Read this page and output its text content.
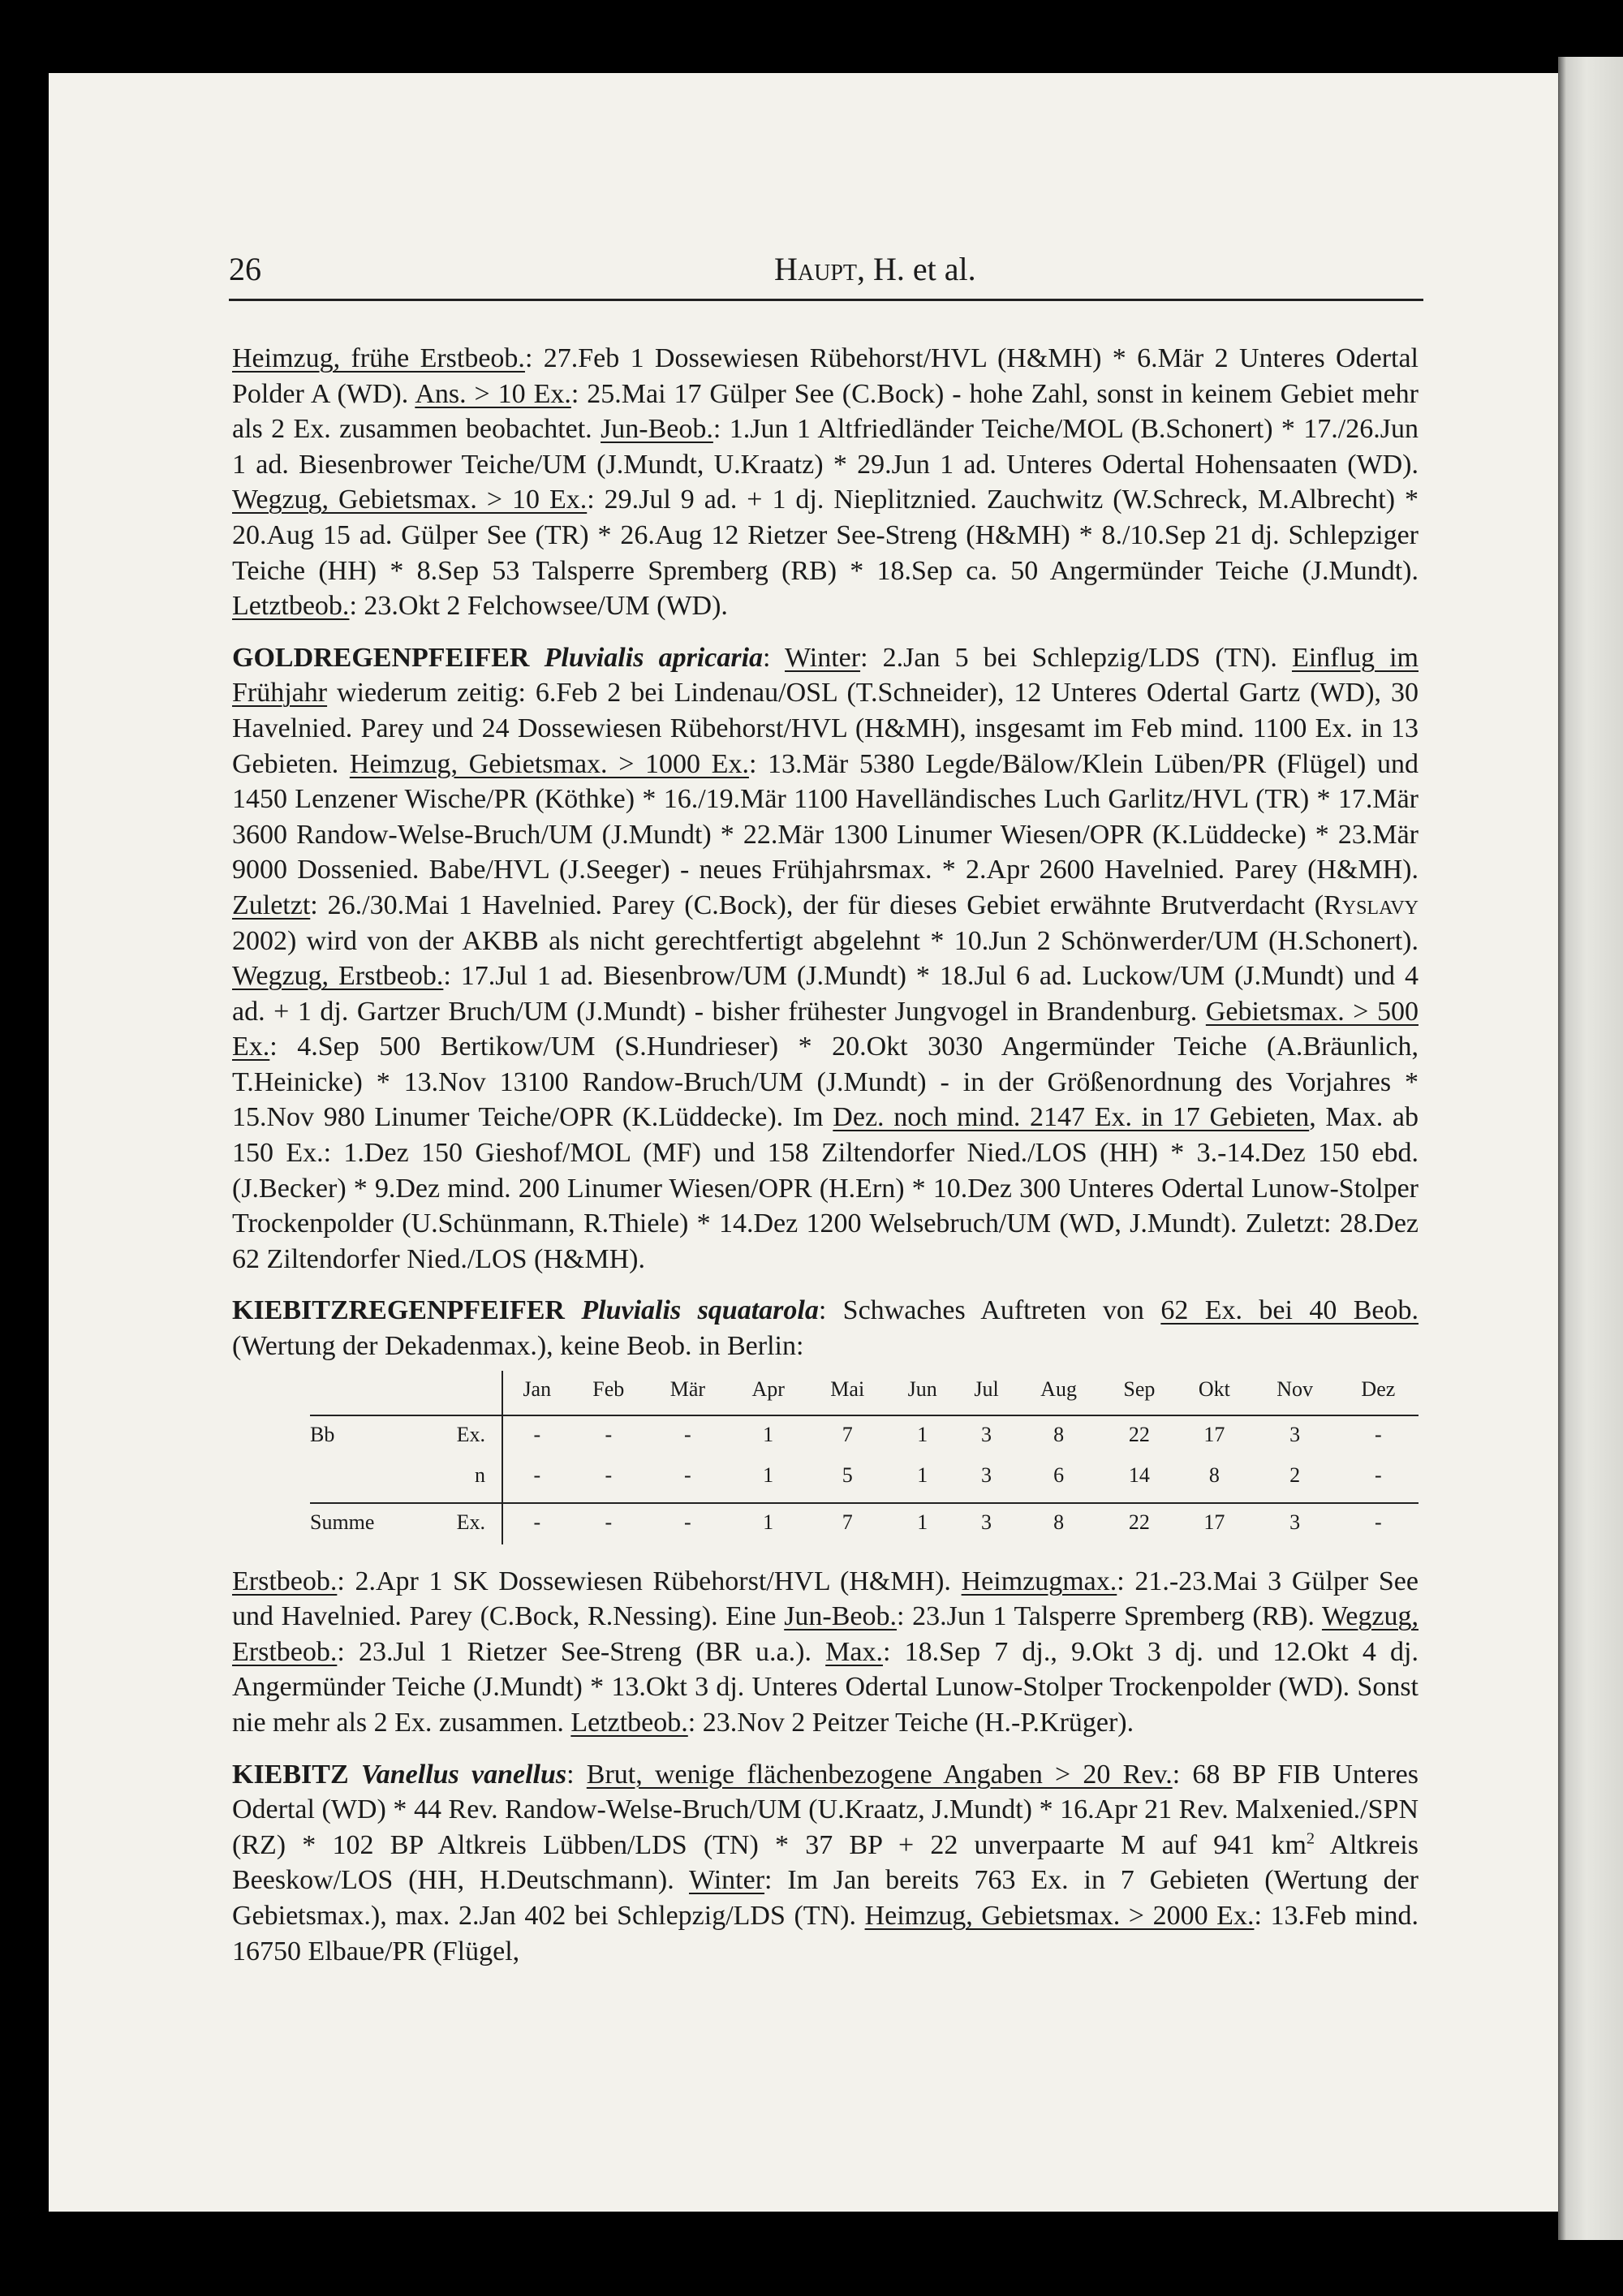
26	Haupt, H. et al.

Heimzug, frühe Erstbeob.: 27.Feb 1 Dossewiesen Rübehorst/HVL (H&MH) * 6.Mär 2 Unteres Odertal Polder A (WD). Ans. > 10 Ex.: 25.Mai 17 Gülper See (C.Bock) - hohe Zahl, sonst in keinem Gebiet mehr als 2 Ex. zusammen beobachtet. Jun-Beob.: 1.Jun 1 Altfriedländer Teiche/MOL (B.Schonert) * 17./26.Jun 1 ad. Biesenbrower Teiche/UM (J.Mundt, U.Kraatz) * 29.Jun 1 ad. Unteres Odertal Hohensaaten (WD). Wegzug, Gebietsmax. > 10 Ex.: 29.Jul 9 ad. + 1 dj. Nieplitznied. Zauchwitz (W.Schreck, M.Albrecht) * 20.Aug 15 ad. Gülper See (TR) * 26.Aug 12 Rietzer See-Streng (H&MH) * 8./10.Sep 21 dj. Schlepziger Teiche (HH) * 8.Sep 53 Talsperre Spremberg (RB) * 18.Sep ca. 50 Angermünder Teiche (J.Mundt). Letztbeob.: 23.Okt 2 Felchowsee/UM (WD).

GOLDREGENPFEIFER Pluvialis apricaria: Winter: 2.Jan 5 bei Schlepzig/LDS (TN). Einflug im Frühjahr wiederum zeitig: 6.Feb 2 bei Lindenau/OSL (T.Schneider), 12 Unteres Odertal Gartz (WD), 30 Havelnied. Parey und 24 Dossewiesen Rübehorst/HVL (H&MH), insgesamt im Feb mind. 1100 Ex. in 13 Gebieten. Heimzug, Gebietsmax. > 1000 Ex.: 13.Mär 5380 Legde/Bälow/Klein Lüben/PR (Flügel) und 1450 Lenzener Wische/PR (Köthke) * 16./19.Mär 1100 Havelländisches Luch Garlitz/HVL (TR) * 17.Mär 3600 Randow-Welse-Bruch/UM (J.Mundt) * 22.Mär 1300 Linumer Wiesen/OPR (K.Lüddecke) * 23.Mär 9000 Dossenied. Babe/HVL (J.Seeger) - neues Frühjahrsmax. * 2.Apr 2600 Havelnied. Parey (H&MH). Zuletzt: 26./30.Mai 1 Havelnied. Parey (C.Bock), der für dieses Gebiet erwähnte Brutverdacht (Ryslavy 2002) wird von der AKBB als nicht gerechtfertigt abgelehnt * 10.Jun 2 Schönwerder/UM (H.Schonert). Wegzug, Erstbeob.: 17.Jul 1 ad. Biesenbrow/UM (J.Mundt) * 18.Jul 6 ad. Luckow/UM (J.Mundt) und 4 ad. + 1 dj. Gartzer Bruch/UM (J.Mundt) - bisher frühester Jungvogel in Brandenburg. Gebietsmax. > 500 Ex.: 4.Sep 500 Bertikow/UM (S.Hundrieser) * 20.Okt 3030 Angermünder Teiche (A.Bräunlich, T.Heinicke) * 13.Nov 13100 Randow-Bruch/UM (J.Mundt) - in der Größenordnung des Vorjahres * 15.Nov 980 Linumer Teiche/OPR (K.Lüddecke). Im Dez. noch mind. 2147 Ex. in 17 Gebieten, Max. ab 150 Ex.: 1.Dez 150 Gieshof/MOL (MF) und 158 Ziltendorfer Nied./LOS (HH) * 3.-14.Dez 150 ebd. (J.Becker) * 9.Dez mind. 200 Linumer Wiesen/OPR (H.Ern) * 10.Dez 300 Unteres Odertal Lunow-Stolper Trockenpolder (U.Schünmann, R.Thiele) * 14.Dez 1200 Welsebruch/UM (WD, J.Mundt). Zuletzt: 28.Dez 62 Ziltendorfer Nied./LOS (H&MH).

KIEBITZREGENPFEIFER Pluvialis squatarola: Schwaches Auftreten von 62 Ex. bei 40 Beob. (Wertung der Dekadenmax.), keine Beob. in Berlin:

		Jan	Feb	Mär	Apr	Mai	Jun	Jul	Aug	Sep	Okt	Nov	Dez
Bb	Ex.	-	-	-	1	7	1	3	8	22	17	3	-
	n	-	-	-	1	5	1	3	6	14	8	2	-
Summe	Ex.	-	-	-	1	7	1	3	8	22	17	3	-

Erstbeob.: 2.Apr 1 SK Dossewiesen Rübehorst/HVL (H&MH). Heimzugmax.: 21.-23.Mai 3 Gülper See und Havelnied. Parey (C.Bock, R.Nessing). Eine Jun-Beob.: 23.Jun 1 Talsperre Spremberg (RB). Wegzug, Erstbeob.: 23.Jul 1 Rietzer See-Streng (BR u.a.). Max.: 18.Sep 7 dj., 9.Okt 3 dj. und 12.Okt 4 dj. Angermünder Teiche (J.Mundt) * 13.Okt 3 dj. Unteres Odertal Lunow-Stolper Trockenpolder (WD). Sonst nie mehr als 2 Ex. zusammen. Letztbeob.: 23.Nov 2 Peitzer Teiche (H.-P.Krüger).

KIEBITZ Vanellus vanellus: Brut, wenige flächenbezogene Angaben > 20 Rev.: 68 BP FIB Unteres Odertal (WD) * 44 Rev. Randow-Welse-Bruch/UM (U.Kraatz, J.Mundt) * 16.Apr 21 Rev. Malxenied./SPN (RZ) * 102 BP Altkreis Lübben/LDS (TN) * 37 BP + 22 unverpaarte M auf 941 $km^2$ Altkreis Beeskow/LOS (HH, H.Deutschmann). Winter: Im Jan bereits 763 Ex. in 7 Gebieten (Wertung der Gebietsmax.), max. 2.Jan 402 bei Schlepzig/LDS (TN). Heimzug, Gebietsmax. > 2000 Ex.: 13.Feb mind. 16750 Elbaue/PR (Flügel,
